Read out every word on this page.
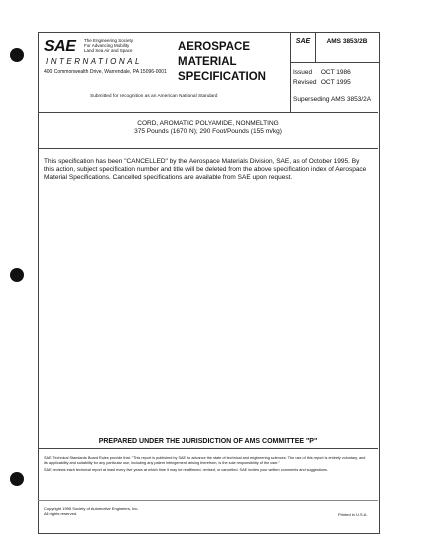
SAE The Engineering Society
For Advancing Mobility
Land Sea Air and Space
INTERNATIONAL
400 Commonwealth Drive, Warrendale, PA 15096-0001
AEROSPACE
MATERIAL
SPECIFICATION
SAE	AMS 3853/2B
Issued OCT 1986
Revised OCT 1995
Superseding AMS 3853/2A
Submitted for recognition as an American National Standard
CORD, AROMATIC POLYAMIDE, NONMELTING
375 Pounds (1670 N); 290 Foot/Pounds (155 m/kg)
This specification has been "CANCELLED" by the Aerospace Materials Division, SAE, as of October 1995. By this action, subject specification number and title will be deleted from the above specification index of Aerospace Material Specifications. Cancelled specifications are available from SAE upon request.
PREPARED UNDER THE JURISDICTION OF AMS COMMITTEE "P"
SAE Technical Standards Board Rules provide that: "This report is published by SAE to advance the state of technical and engineering sciences. The use of this report is entirely voluntary, and its applicability and suitability for any particular use, including any patent infringement arising therefrom, is the sole responsibility of the user."
SAE reviews each technical report at least every five years at which time it may be reaffirmed, revised, or cancelled. SAE invites your written comments and suggestions.
Copyright 1995 Society of Automotive Engineers, Inc.
All rights reserved.	Printed in U.S.A.
